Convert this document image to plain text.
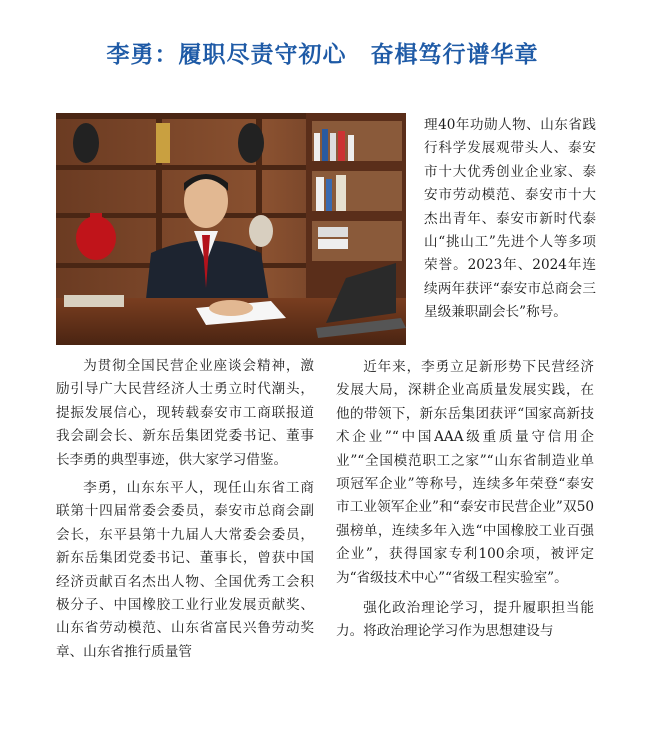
李勇：履职尽责守初心　奋楫笃行谱华章

理40年功勋人物、山东省践行科学发展观带头人、泰安市十大优秀创业企业家、泰安市劳动模范、泰安市十大杰出青年、泰安市新时代泰山“挑山工”先进个人等多项荣誉。2023年、2024年连续两年获评“泰安市总商会三星级兼职副会长”称号。

为贯彻全国民营企业座谈会精神，激励引导广大民营经济人士勇立时代潮头，提振发展信心，现转载泰安市工商联报道我会副会长、新东岳集团党委书记、董事长李勇的典型事迹，供大家学习借鉴。

李勇，山东东平人，现任山东省工商联第十四届常委会委员，泰安市总商会副会长，东平县第十九届人大常委会委员，新东岳集团党委书记、董事长，曾获中国经济贡献百名杰出人物、全国优秀工会积极分子、中国橡胶工业行业发展贡献奖、山东省劳动模范、山东省富民兴鲁劳动奖章、山东省推行质量管

近年来，李勇立足新形势下民营经济发展大局，深耕企业高质量发展实践，在他的带领下，新东岳集团获评“国家高新技术企业”“中国AAA级重质量守信用企业”“全国模范职工之家”“山东省制造业单项冠军企业”等称号，连续多年荣登“泰安市工业领军企业”和“泰安市民营企业”双50强榜单，连续多年入选“中国橡胶工业百强企业”，获得国家专利100余项，被评定为“省级技术中心”“省级工程实验室”。

强化政治理论学习，提升履职担当能力。将政治理论学习作为思想建设与
